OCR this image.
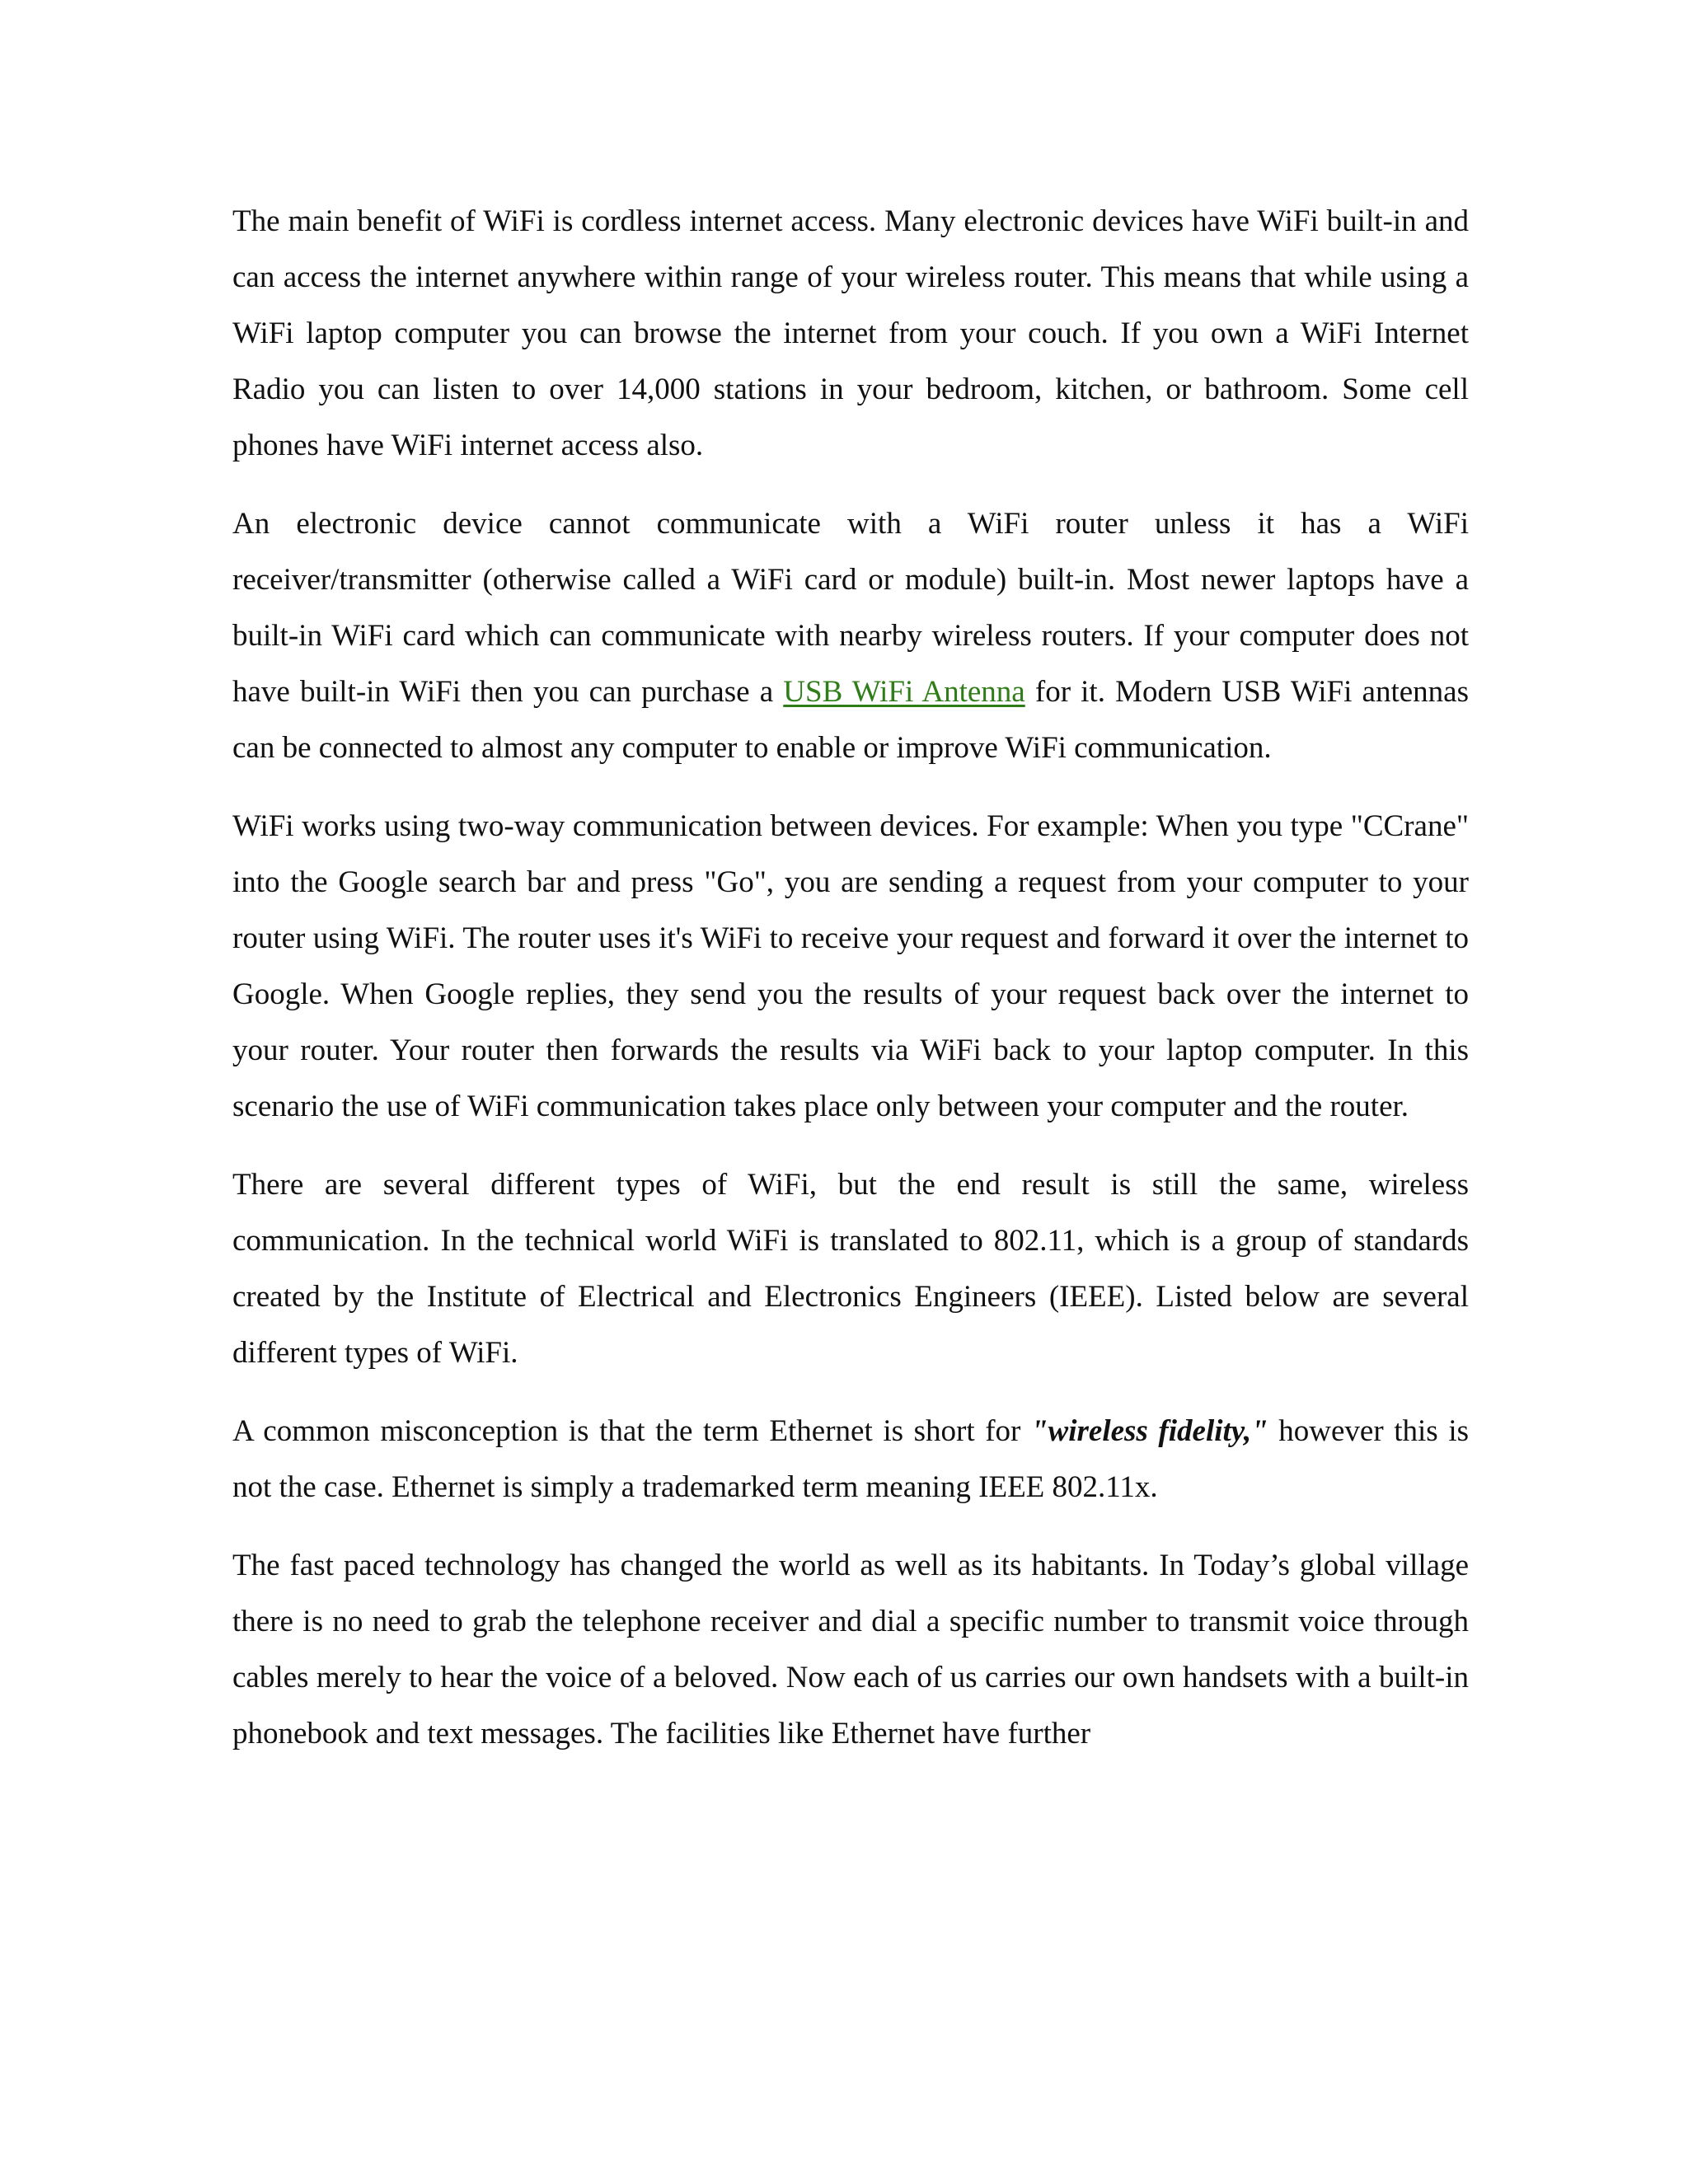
The main benefit of WiFi is cordless internet access. Many electronic devices have WiFi built-in and can access the internet anywhere within range of your wireless router. This means that while using a WiFi laptop computer you can browse the internet from your couch. If you own a WiFi Internet Radio you can listen to over 14,000 stations in your bedroom, kitchen, or bathroom. Some cell phones have WiFi internet access also.

An electronic device cannot communicate with a WiFi router unless it has a WiFi receiver/transmitter (otherwise called a WiFi card or module) built-in. Most newer laptops have a built-in WiFi card which can communicate with nearby wireless routers. If your computer does not have built-in WiFi then you can purchase a USB WiFi Antenna for it. Modern USB WiFi antennas can be connected to almost any computer to enable or improve WiFi communication.

WiFi works using two-way communication between devices. For example: When you type "CCrane" into the Google search bar and press "Go", you are sending a request from your computer to your router using WiFi. The router uses it's WiFi to receive your request and forward it over the internet to Google. When Google replies, they send you the results of your request back over the internet to your router. Your router then forwards the results via WiFi back to your laptop computer. In this scenario the use of WiFi communication takes place only between your computer and the router.

There are several different types of WiFi, but the end result is still the same, wireless communication. In the technical world WiFi is translated to 802.11, which is a group of standards created by the Institute of Electrical and Electronics Engineers (IEEE). Listed below are several different types of WiFi.

A common misconception is that the term Ethernet is short for "wireless fidelity," however this is not the case. Ethernet is simply a trademarked term meaning IEEE 802.11x.

The fast paced technology has changed the world as well as its habitants. In Today’s global village there is no need to grab the telephone receiver and dial a specific number to transmit voice through cables merely to hear the voice of a beloved. Now each of us carries our own handsets with a built-in phonebook and text messages. The facilities like Ethernet have further
